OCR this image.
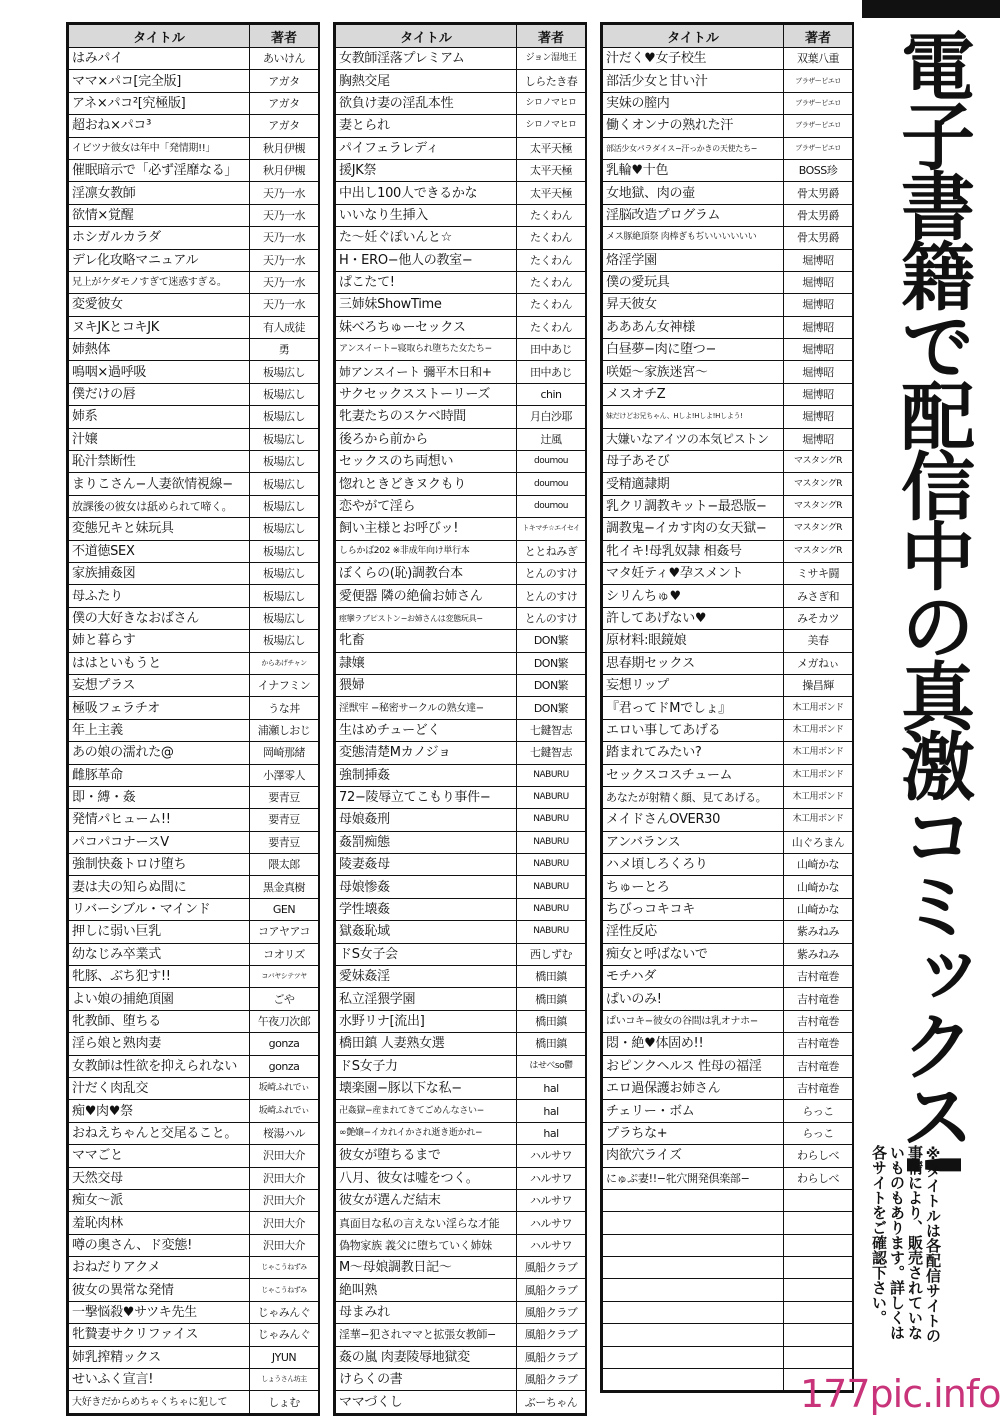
タイトル	著者
はみパイ	あいけん
ママ×パコ[完全版]	アガタ
アネ×パコ²[究極版]	アガタ
超おね×パコ³	アガタ
イビツナ彼女は年中「発情期!!」	秋月伊槻
催眠暗示で「必ず淫靡なる」	秋月伊槻
淫凛女教師	天乃一水
欲情×覚醒	天乃一水
ホシガルカラダ	天乃一水
デレ化攻略マニュアル	天乃一水
兄上がケダモノすぎて迷惑すぎる。	天乃一水
変愛彼女	天乃一水
ヌキJKとコキJK	有人成徒
姉熱体	勇
鳴咽×過呼吸	板場広し
僕だけの唇	板場広し
姉系	板場広し
汁嬢	板場広し
恥汁禁断性	板場広し
まりこさん−人妻欲情視線−	板場広し
放課後の彼女は舐められて啼く。	板場広し
変態兄キと妹玩具	板場広し
不道徳SEX	板場広し
家族捕姦図	板場広し
母ふたり	板場広し
僕の大好きなおばさん	板場広し
姉と暮らす	板場広し
ははといもうと	からあげチャン
妄想プラス	イナフミン
極吸フェラチオ	うな丼
年上主義	浦瀬しおじ
あの娘の濡れた@	岡崎那緒
雌豚革命	小澤零人
即・縛・姦	要青豆
発情パヒューム!!	要青豆
パコパコナースV	要青豆
強制快姦トロけ堕ち	隈太郎
妻は夫の知らぬ間に	黒金真樹
リバーシブル・マインド	GEN
押しに弱い巨乳	コアヤアコ
幼なじみ卒業式	コオリズ
牝豚、ぶち犯す!!	コバヤシテツヤ
よい娘の捕絶頂園	ごや
牝教師、堕ちる	午夜刀次郎
淫ら娘と熟肉妻	gonza
女教師は性欲を抑えられない	gonza
汁だく肉乱交	坂崎ふれでぃ
痴♥肉♥祭	坂崎ふれでぃ
おねえちゃんと交尾ること。	桜湯ハル
ママごと	沢田大介
天然交母	沢田大介
痴女〜派	沢田大介
羞恥肉林	沢田大介
噂の奥さん、ド変態!	沢田大介
おねだりアクメ	じゃこうねずみ
彼女の異常な発情	じゃこうねずみ
一撃悩殺♥サツキ先生	じゃみんぐ
牝贄妻サクリファイス	じゃみんぐ
姉乳搾精ックス	JYUN
せいふく宣言!	しょうさん坊主
大好きだからめちゃくちゃに犯して	しょむ
タイトル	著者
女教師淫落プレミアム	ジョン湿地王
胸熱交尾	しらたき春
欲負け妻の淫乱本性	シロノマヒロ
妻とられ	シロノマヒロ
パイフェラレディ	太平天極
援JK祭	太平天極
中出し100人できるかな	太平天極
いいなり生挿入	たくわん
た〜妊ぐぽいんと☆	たくわん
H・ERO−他人の教室−	たくわん
ぱこたて!	たくわん
三姉妹ShowTime	たくわん
妹べろちゅーセックス	たくわん
アンスイート−寝取られ堕ちた女たち−	田中あじ
姉アンスイート 彌平木日和+	田中あじ
サクセックスストーリーズ	chin
牝妻たちのスケベ時間	月白沙耶
後ろから前から	辻風
セックスのち両想い	doumou
惚れときどきヌクもり	doumou
恋やがて淫ら	doumou
飼い主様とお呼びッ!	トキマチ☆エイセイ
しらかば202 ※非成年向け単行本	ととねみぎ
ぼくらの(恥)調教台本	とんのすけ
愛便器 隣の絶倫お姉さん	とんのすけ
痙攣ラブピストン−お姉さんは変態玩具−	とんのすけ
牝畜	DON繁
隷嬢	DON繁
猥婦	DON繁
淫獣牢 −秘密サークルの熟女達−	DON繁
生はめチューどく	七鍵智志
変態清楚Mカノジョ	七鍵智志
強制挿姦	NABURU
72−陵辱立てこもり事件−	NABURU
母娘姦刑	NABURU
姦罰痴態	NABURU
陵妻姦母	NABURU
母娘惨姦	NABURU
学性壊姦	NABURU
獄姦恥域	NABURU
ドS女子会	西しずむ
愛妹姦淫	橋田鎮
私立淫猥学園	橋田鎮
水野リナ[流出]	橋田鎮
橋田鎮 人妻熟女選	橋田鎮
ドS女子力	はせべso鬱
壊楽園−豚以下な私−	hal
卍姦獄−産まれてきてごめんなさい−	hal
∞艶嬢−イカれイかされ逝き逝かれ−	hal
彼女が堕ちるまで	ハルサワ
八月、彼女は嘘をつく。	ハルサワ
彼女が選んだ結末	ハルサワ
真面目な私の言えない淫らな才能	ハルサワ
偽物家族 義父に堕ちていく姉妹	ハルサワ
M〜母娘調教日記〜	風船クラブ
絶叫熟	風船クラブ
母まみれ	風船クラブ
淫華−犯されママと拡張女教師−	風船クラブ
姦の嵐 肉妻陵辱地獄変	風船クラブ
けらくの書	風船クラブ
ママづくし	ぶーちゃん
タイトル	著者
汁だく♥女子校生	双葉八重
部活少女と甘い汁	ブラザーピエロ
実妹の膣内	ブラザーピエロ
働くオンナの熟れた汗	ブラザーピエロ
部活少女パラダイス−汗っかきの天使たち−	ブラザーピエロ
乳輪♥十色	BOSS珍
女地獄、肉の壷	骨太男爵
淫脳改造プログラム	骨太男爵
メス豚絶頂祭 肉棒ぎもぢいいいいいい	骨太男爵
烙淫学園	堀博昭
僕の愛玩具	堀博昭
昇天彼女	堀博昭
あああん女神様	堀博昭
白昼夢−肉に堕つ−	堀博昭
咲姫〜家族迷宮〜	堀博昭
メスオチZ	堀博昭
妹だけどお兄ちゃん、Hしよ!Hしよ!Hしよう!	堀博昭
大嫌いなアイツの本気ピストン	堀博昭
母子あそび	マスタングR
受精適隷期	マスタングR
乳クリ調教キット−最恐版−	マスタングR
調教鬼−イカす肉の女天獄−	マスタングR
牝イキ!母乳奴隷 相姦号	マスタングR
マタ妊ティ♥孕スメント	ミサキ闘
シリんちゅ♥	みさぎ和
許してあげない♥	みそカツ
原材料:眼鏡娘	美春
思春期セックス	メガねぃ
妄想リップ	操昌輝
『君ってドMでしょ』	木工用ボンド
エロい事してあげる	木工用ボンド
踏まれてみたい?	木工用ボンド
セックスコスチューム	木工用ボンド
あなたが射精く顔、見てあげる。	木工用ボンド
メイドさんOVER30	木工用ボンド
アンバランス	山ぐろまん
ハメ頃しろくろり	山崎かな
ちゅーとろ	山崎かな
ちびっコキコキ	山崎かな
淫性反応	紫みねみ
痴女と呼ばないで	紫みねみ
モチハダ	吉村竜巻
ぱいのみ!	吉村竜巻
ぱいコキ−彼女の谷間は乳オナホ−	吉村竜巻
悶・絶♥体固め!!	吉村竜巻
おピンクヘルス 性母の福淫	吉村竜巻
エロ過保護お姉さん	吉村竜巻
チェリー・ボム	らっこ
プラちな+	らっこ
肉欲穴ライズ	わらしべ
にゅぷ妻!!−牝穴開発倶楽部−	わらしべ

電子書籍で配信中の真激コミックス!
※タイトルは各配信サイトの事情により、販売されていないものもあります。詳しくは各サイトをご確認下さい。
177pic.info
